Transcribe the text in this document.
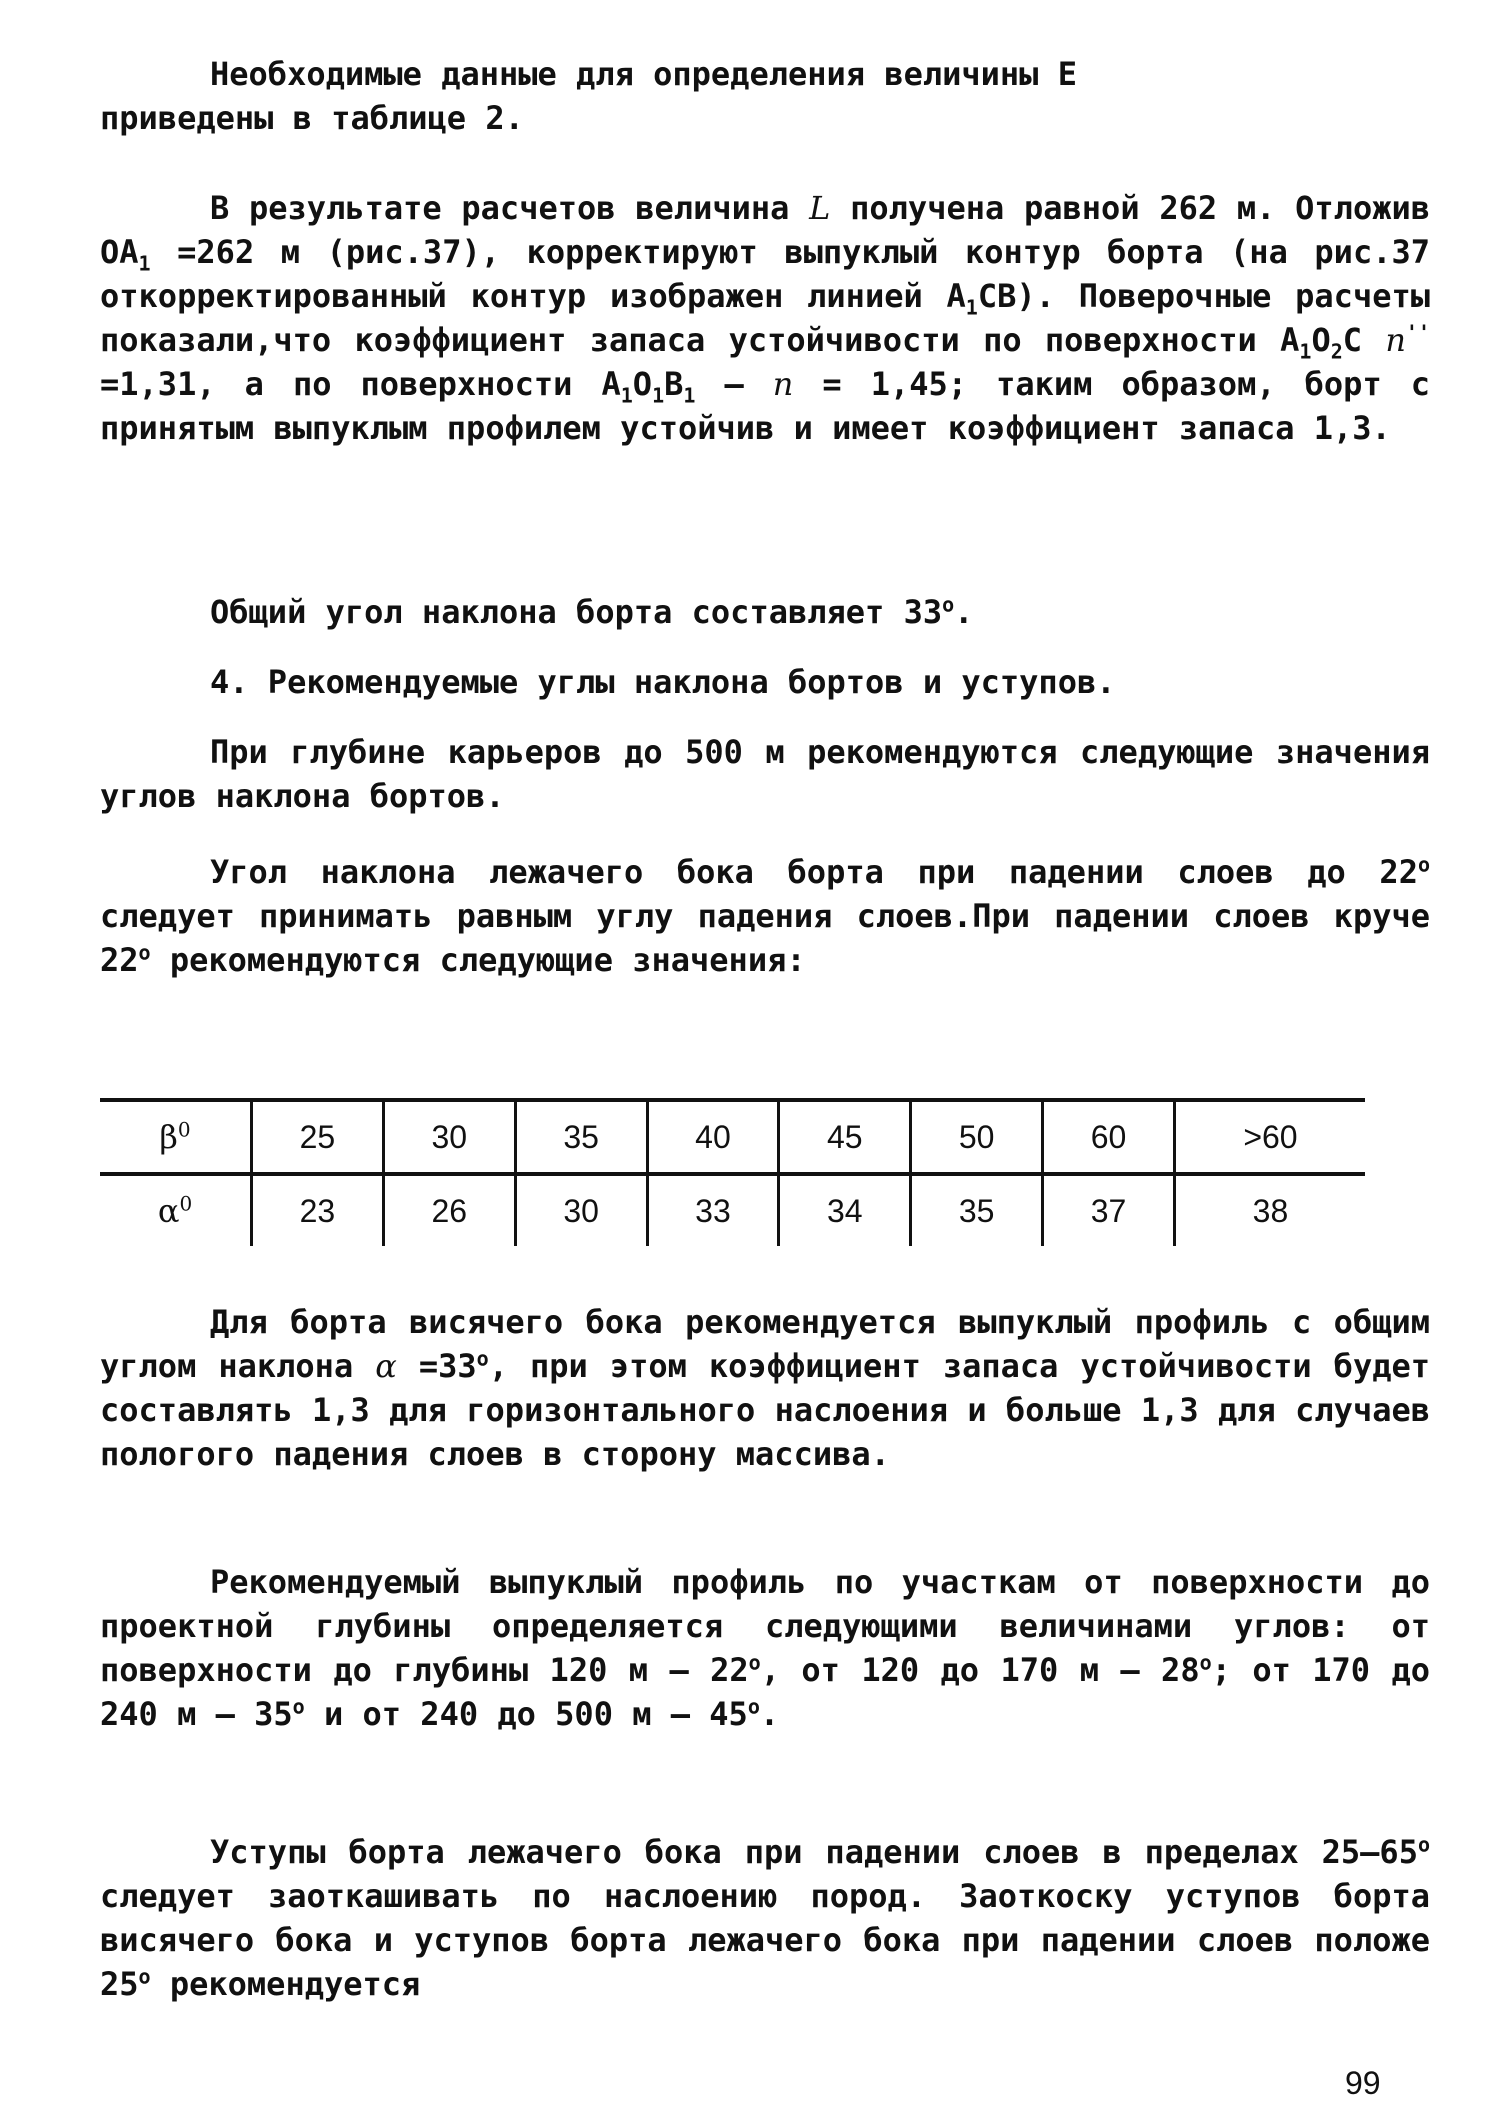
Необходимые данные для определения величины E
приведены в таблице 2.

В результате расчетов величина L получена равной 262 м. Отложив $OA_1 =262$ м (рис.37), корректируют выпуклый контур борта (на рис.37 откорректированный контур изображен линией $A_1CB$). Поверочные расчеты показали,что коэффициент запаса устойчивости по поверхности $A_1O_2C$ n'' =1,31, а по поверхности $A_1O_1B_1 - n = 1,45$; таким образом, борт с принятым выпуклым профилем устойчив и имеет коэффициент запаса 1,3.

Общий угол наклона борта составляет 33$^o$.

4. Рекомендуемые углы наклона бортов и уступов.

При глубине карьеров до 500 м рекомендуются следующие значения углов наклона бортов.

Угол наклона лежачего бока борта при падении слоев до 22$^o$ следует принимать равным углу падения слоев.При падении слоев круче 22$^o$ рекомендуются следующие значения:

$\beta^0$	25	30	35	40	45	50	60	>60
$\alpha^0$	23	26	30	33	34	35	37	38

Для борта висячего бока рекомендуется выпуклый профиль с общим углом наклона $\alpha =33^o$, при этом коэффициент запаса устойчивости будет составлять 1,3 для горизонтального наслоения и больше 1,3 для случаев пологого падения слоев в сторону массива.

Рекомендуемый выпуклый профиль по участкам от поверхности до проектной глубины определяется следующими величинами углов: от поверхности до глубины 120 м – 22$^o$, от 120 до 170 м – 28$^o$; от 170 до 240 м – 35$^o$ и от 240 до 500 м – 45$^o$.

Уступы борта лежачего бока при падении слоев в пределах 25–65$^o$ следует заоткашивать по наслоению пород. Заоткоску уступов борта висячего бока и уступов борта лежачего бока при падении слоев положе 25$^o$ рекомендуется

99
